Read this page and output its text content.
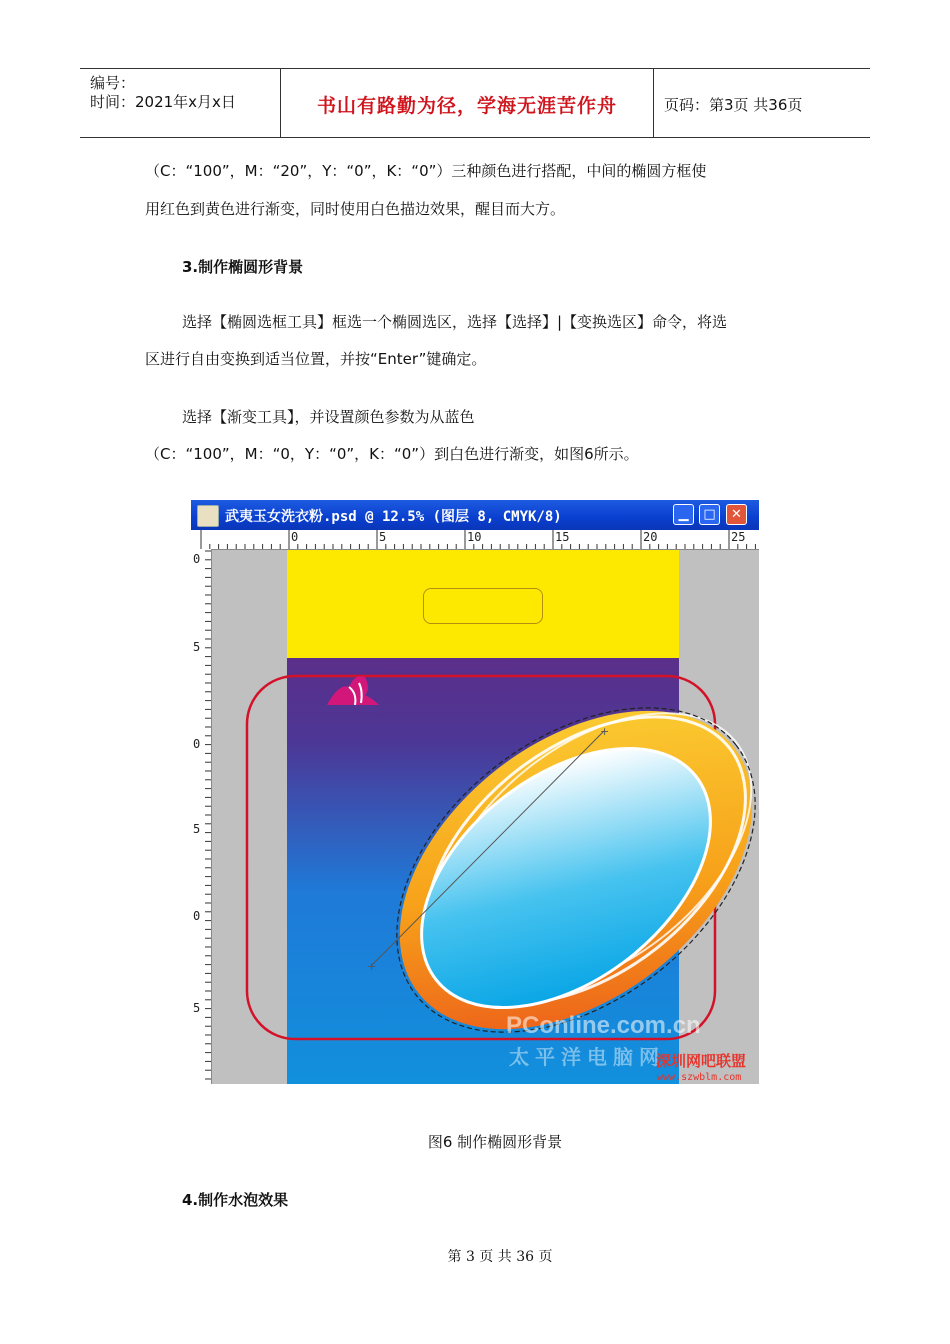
编号：
时间：2021年x月x日	书山有路勤为径，学海无涯苦作舟	页码：第3页 共36页

（C：“100”，M：“20”，Y：“0”，K：“0”）三种颜色进行搭配，中间的椭圆方框使

用红色到黄色进行渐变，同时使用白色描边效果，醒目而大方。

3.制作椭圆形背景

选择【椭圆选框工具】框选一个椭圆选区，选择【选择】|【变换选区】命令，将选

区进行自由变换到适当位置，并按“Enter”键确定。

选择【渐变工具】，并设置颜色参数为从蓝色

（C：“100”，M：“0，Y：“0”，K：“0”）到白色进行渐变，如图6所示。

武夷玉女洗衣粉.psd @ 12.5% (图层 8, CMYK/8)	▁	□	✕
0	5	10	15	20	25
0
5
0
5
0
5
+
+
PConline.com.cn
太平洋电脑网
深圳网吧联盟
www.szwblm.com
图6 制作椭圆形背景
4.制作水泡效果
第 3 页 共 36 页
